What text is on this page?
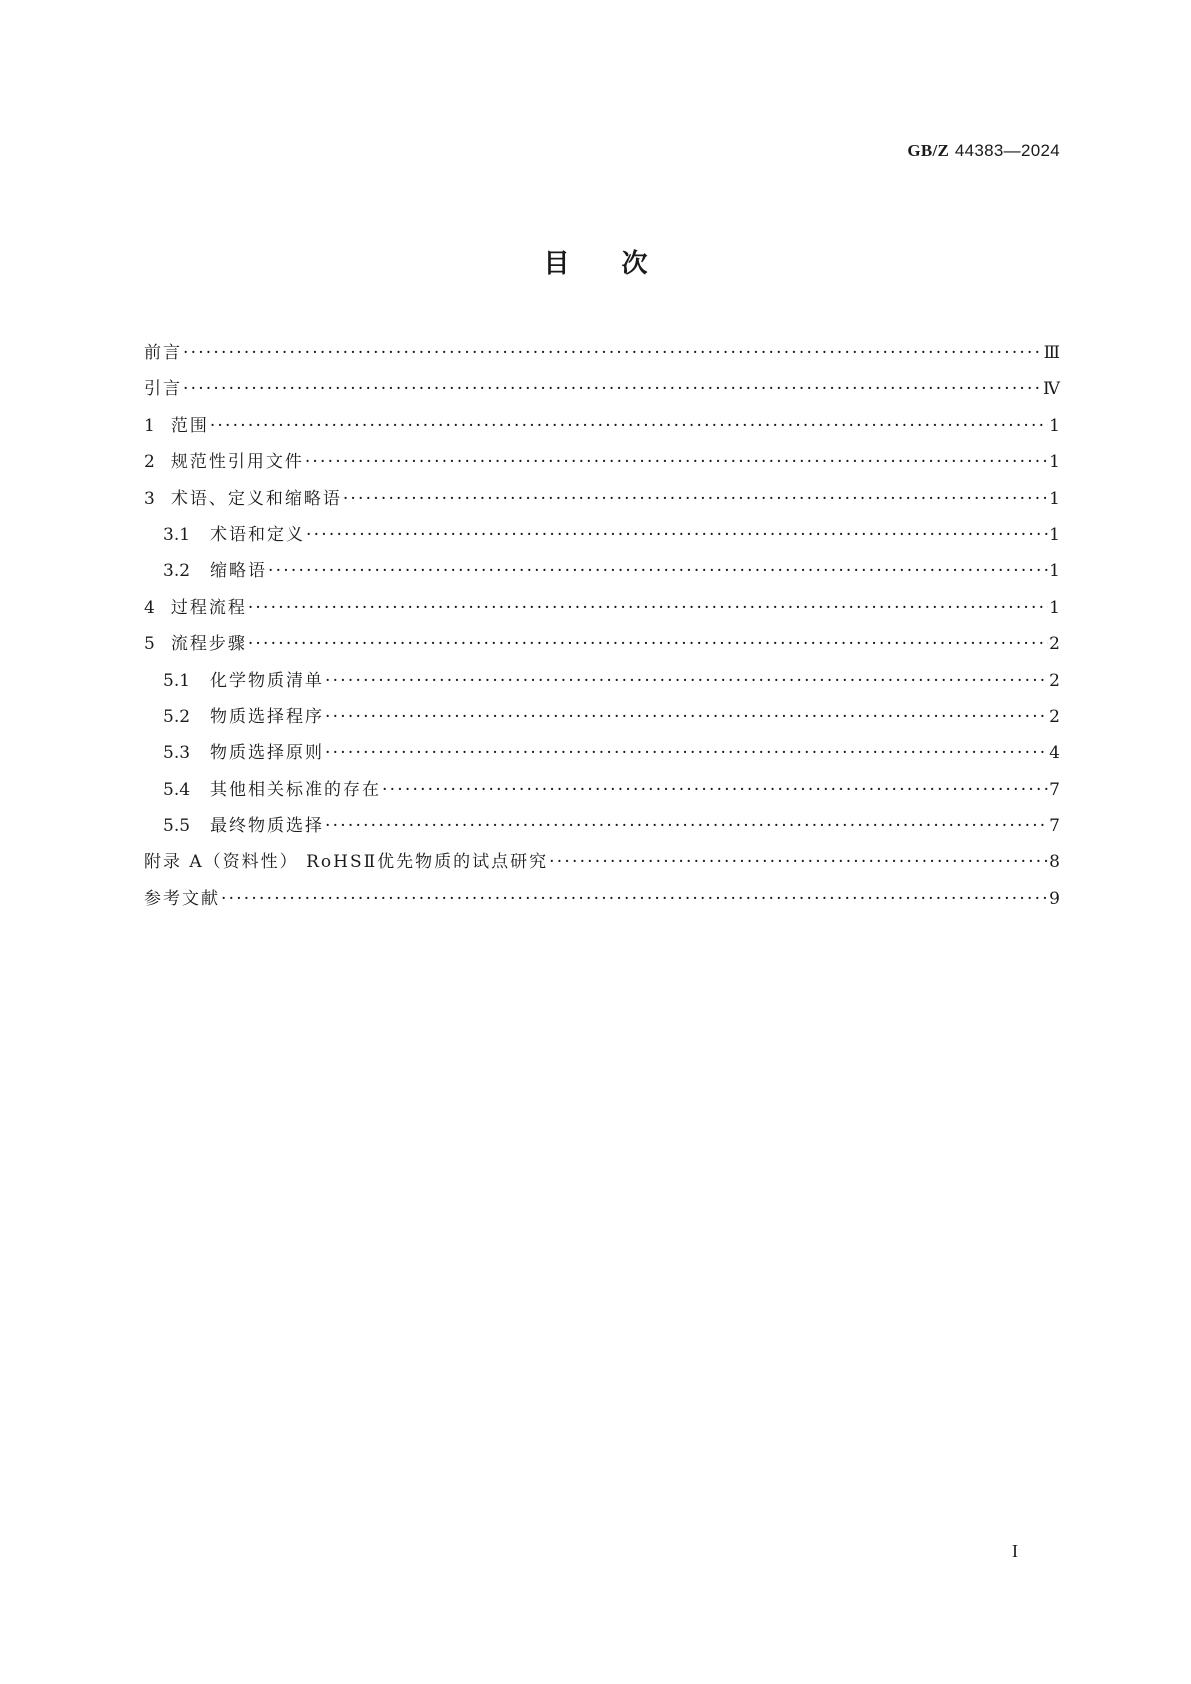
GB/Z 44383—2024
目次
前言 ·····	Ⅲ
引言 ·····	Ⅳ
1 范围 ·····	1
2 规范性引用文件 ·····	1
3 术语、定义和缩略语 ·····	1
3.1 术语和定义 ·····	1
3.2 缩略语 ·····	1
4 过程流程 ·····	1
5 流程步骤 ·····	2
5.1 化学物质清单 ·····	2
5.2 物质选择程序 ·····	2
5.3 物质选择原则 ·····	4
5.4 其他相关标准的存在 ·····	7
5.5 最终物质选择 ·····	7
附录 A（资料性） RoHSⅡ优先物质的试点研究 ·····	8
参考文献 ·····	9
I
